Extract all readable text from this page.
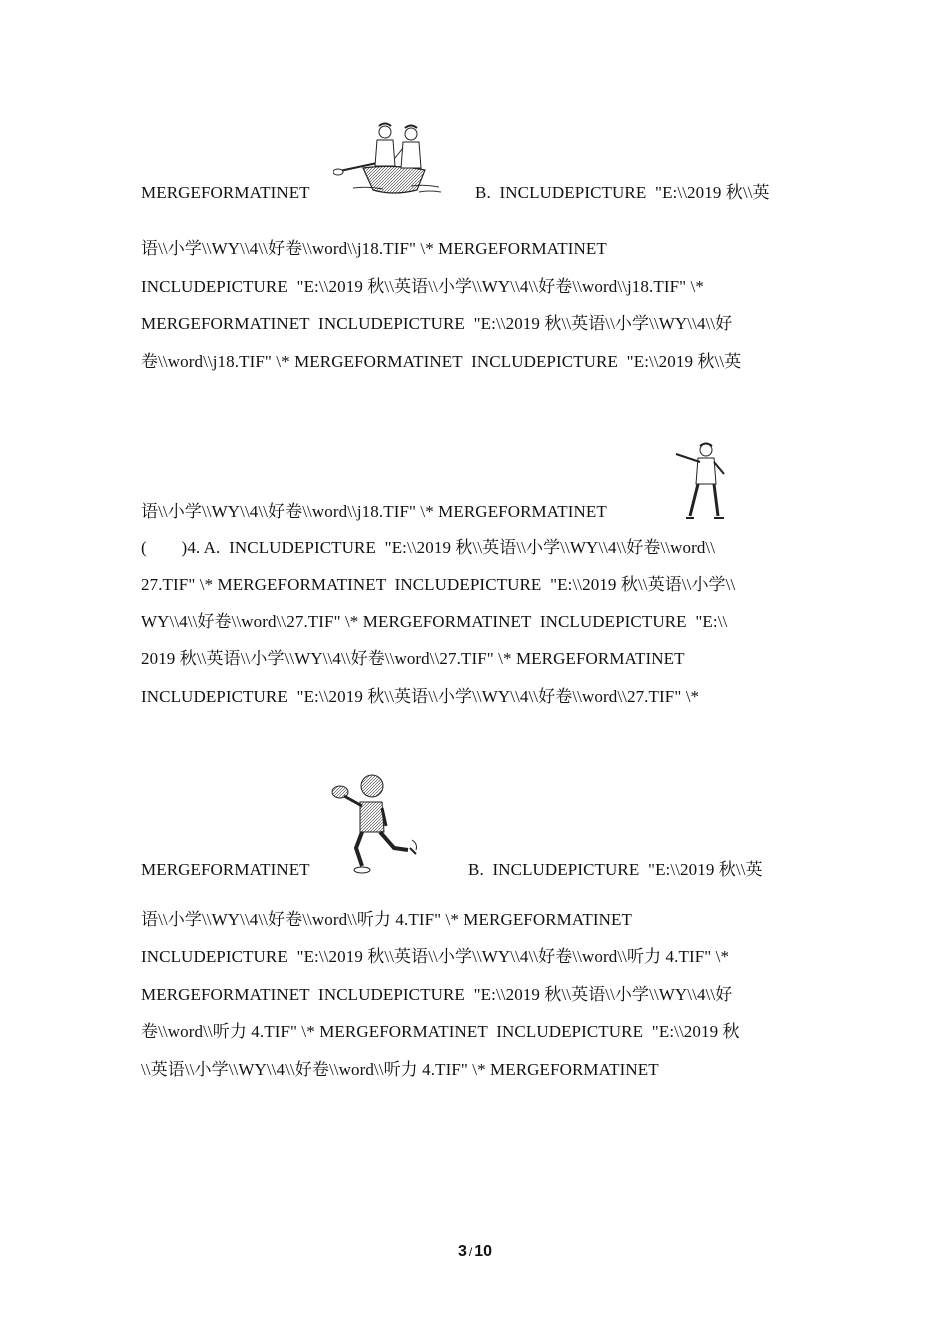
MERGEFORMATINET	B.  INCLUDEPICTURE  "E:\\2019 秋\\英
语\\小学\\WY\\4\\好卷\\word\\j18.TIF" \* MERGEFORMATINET
INCLUDEPICTURE  "E:\\2019 秋\\英语\\小学\\WY\\4\\好卷\\word\\j18.TIF" \*
MERGEFORMATINET  INCLUDEPICTURE  "E:\\2019 秋\\英语\\小学\\WY\\4\\好
卷\\word\\j18.TIF" \* MERGEFORMATINET  INCLUDEPICTURE  "E:\\2019 秋\\英
语\\小学\\WY\\4\\好卷\\word\\j18.TIF" \* MERGEFORMATINET
(        )4. A.  INCLUDEPICTURE  "E:\\2019 秋\\英语\\小学\\WY\\4\\好卷\\word\\
27.TIF" \* MERGEFORMATINET  INCLUDEPICTURE  "E:\\2019 秋\\英语\\小学\\
WY\\4\\好卷\\word\\27.TIF" \* MERGEFORMATINET  INCLUDEPICTURE  "E:\\
2019 秋\\英语\\小学\\WY\\4\\好卷\\word\\27.TIF" \* MERGEFORMATINET
INCLUDEPICTURE  "E:\\2019 秋\\英语\\小学\\WY\\4\\好卷\\word\\27.TIF" \*
MERGEFORMATINET	B.  INCLUDEPICTURE  "E:\\2019 秋\\英
语\\小学\\WY\\4\\好卷\\word\\听力 4.TIF" \* MERGEFORMATINET
INCLUDEPICTURE  "E:\\2019 秋\\英语\\小学\\WY\\4\\好卷\\word\\听力 4.TIF" \*
MERGEFORMATINET  INCLUDEPICTURE  "E:\\2019 秋\\英语\\小学\\WY\\4\\好
卷\\word\\听力 4.TIF" \* MERGEFORMATINET  INCLUDEPICTURE  "E:\\2019 秋
\\英语\\小学\\WY\\4\\好卷\\word\\听力 4.TIF" \* MERGEFORMATINET
3 / 10
